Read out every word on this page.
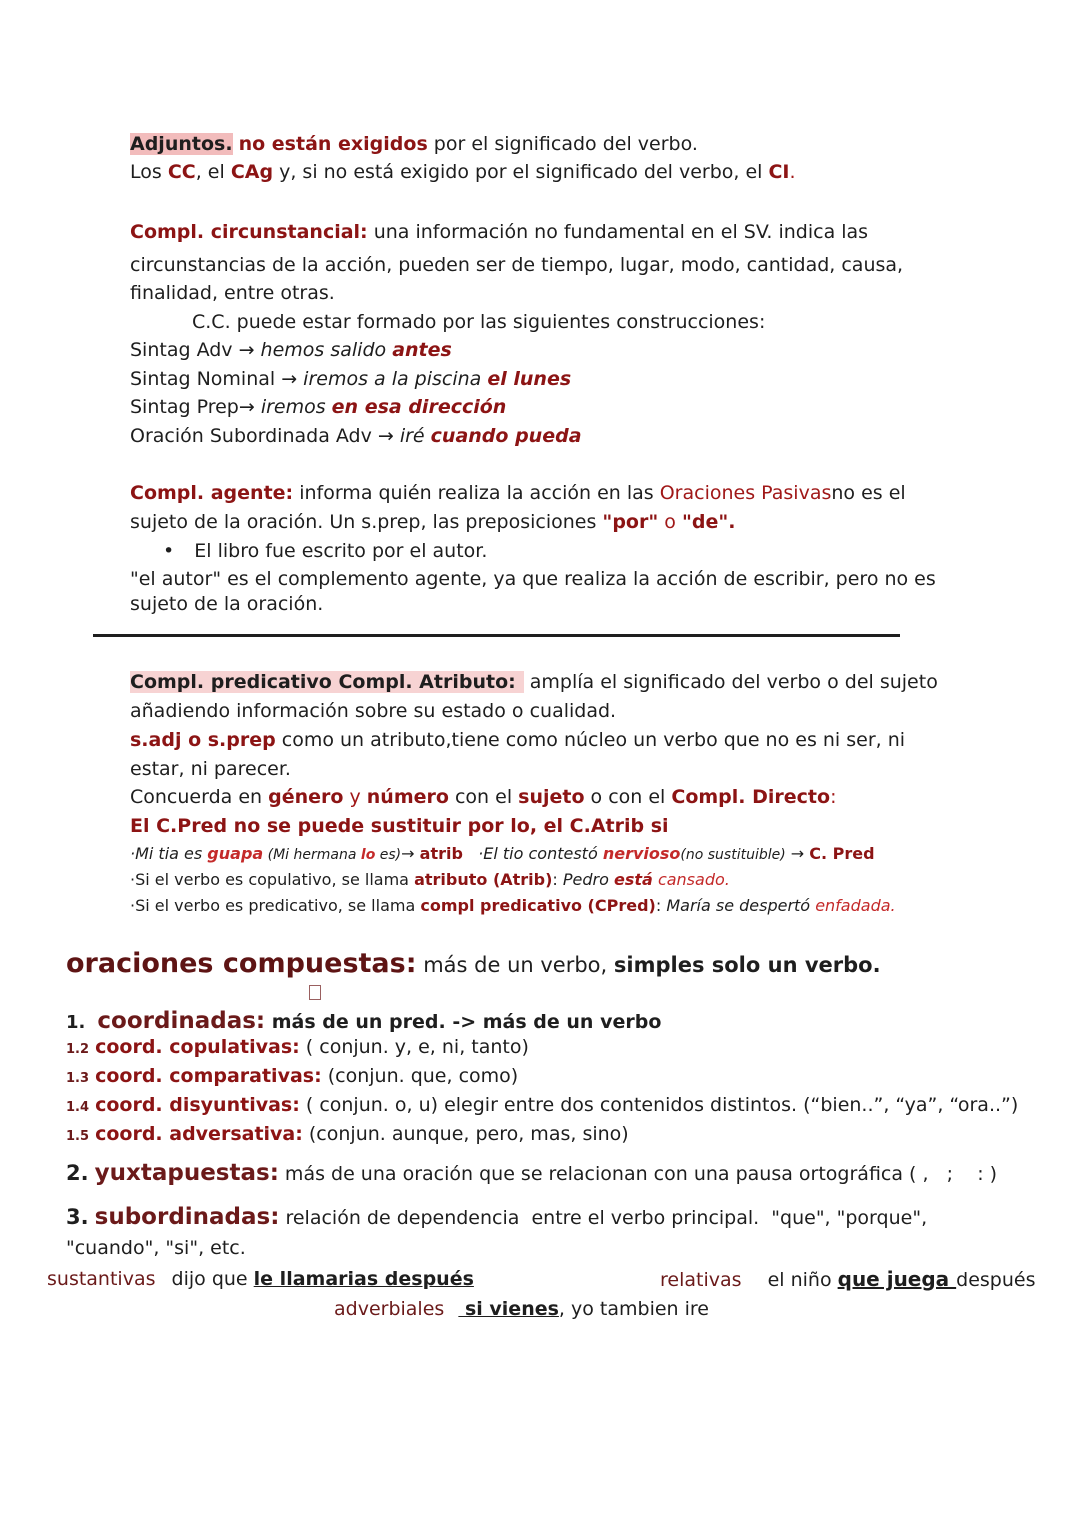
Adjuntos. no están exigidos por el significado del verbo.
Los CC, el CAg y, si no está exigido por el significado del verbo, el CI.
Compl. circunstancial: una información no fundamental en el SV. indica las
circunstancias de la acción, pueden ser de tiempo, lugar, modo, cantidad, causa,
finalidad, entre otras.
C.C. puede estar formado por las siguientes construcciones:
Sintag Adv → hemos salido antes
Sintag Nominal → iremos a la piscina el lunes
Sintag Prep→ iremos en esa dirección
Oración Subordinada Adv → iré cuando pueda
Compl. agente: informa quién realiza la acción en las Oraciones Pasivasno es el
sujeto de la oración. Un s.prep, las preposiciones "por" o "de".
• El libro fue escrito por el autor.
"el autor" es el complemento agente, ya que realiza la acción de escribir, pero no es
sujeto de la oración.
Compl. predicativo Compl. Atributo: amplía el significado del verbo o del sujeto
añadiendo información sobre su estado o cualidad.
s.adj o s.prep como un atributo,tiene como núcleo un verbo que no es ni ser, ni
estar, ni parecer.
Concuerda en género y número con el sujeto o con el Compl. Directo:
El C.Pred no se puede sustituir por lo, el C.Atrib si
·Mi tia es guapa (Mi hermana lo es)→ atrib   ·El tio contestó nervioso(no sustituible) → C. Pred
·Si el verbo es copulativo, se llama atributo (Atrib): Pedro está cansado.
·Si el verbo es predicativo, se llama compl predicativo (CPred): María se despertó enfadada.
oraciones compuestas: más de un verbo, simples solo un verbo.
1. coordinadas: más de un pred. -> más de un verbo
1.2 coord. copulativas: ( conjun. y, e, ni, tanto)
1.3 coord. comparativas: (conjun. que, como)
1.4 coord. disyuntivas: ( conjun. o, u) elegir entre dos contenidos distintos. (“bien..”, “ya”, “ora..”)
1.5 coord. adversativa: (conjun. aunque, pero, mas, sino)
2. yuxtapuestas: más de una oración que se relacionan con una pausa ortográfica ( ,   ;    : )
3. subordinadas: relación de dependencia  entre el verbo principal.  "que", "porque",
"cuando", "si", etc.
sustantivas dijo que le llamarias después	relativas el niño que juega después
adverbiales  si vienes, yo tambien ire
